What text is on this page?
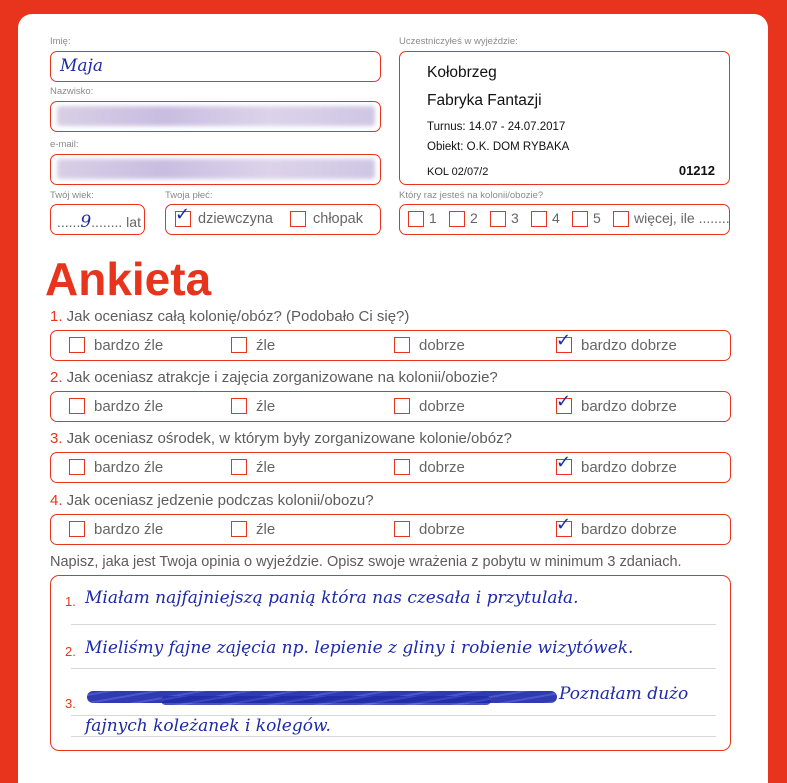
Imię:
Maja
Nazwisko:
e-mail:
Twój wiek:
......9........ lat
Twoja płeć:
✓ dziewczyna	chłopak
Uczestniczyłeś w wyjeździe:
Kołobrzeg
Fabryka Fantazji
Turnus: 14.07 - 24.07.2017
Obiekt: O.K. DOM RYBAKA
KOL 02/07/2	01212
Który raz jesteś na kolonii/obozie?
1 2 3 4 5 więcej, ile ........
Ankieta
1. Jak oceniasz całą kolonię/obóz? (Podobało Ci się?)
bardzo źle	źle	dobrze	✓ bardzo dobrze
2. Jak oceniasz atrakcje i zajęcia zorganizowane na kolonii/obozie?
bardzo źle	źle	dobrze	✓ bardzo dobrze
3. Jak oceniasz ośrodek, w którym były zorganizowane kolonie/obóz?
bardzo źle	źle	dobrze	✓ bardzo dobrze
4. Jak oceniasz jedzenie podczas kolonii/obozu?
bardzo źle	źle	dobrze	✓ bardzo dobrze
Napisz, jaka jest Twoja opinia o wyjeździe. Opisz swoje wrażenia z pobytu w minimum 3 zdaniach.
1. Miałam najfajniejszą panią która nas czesała i przytulała.
2. Mieliśmy fajne zajęcia np. lepienie z gliny i robienie wizytówek.
3.	Poznałam dużo
fajnych koleżanek i kolegów.
